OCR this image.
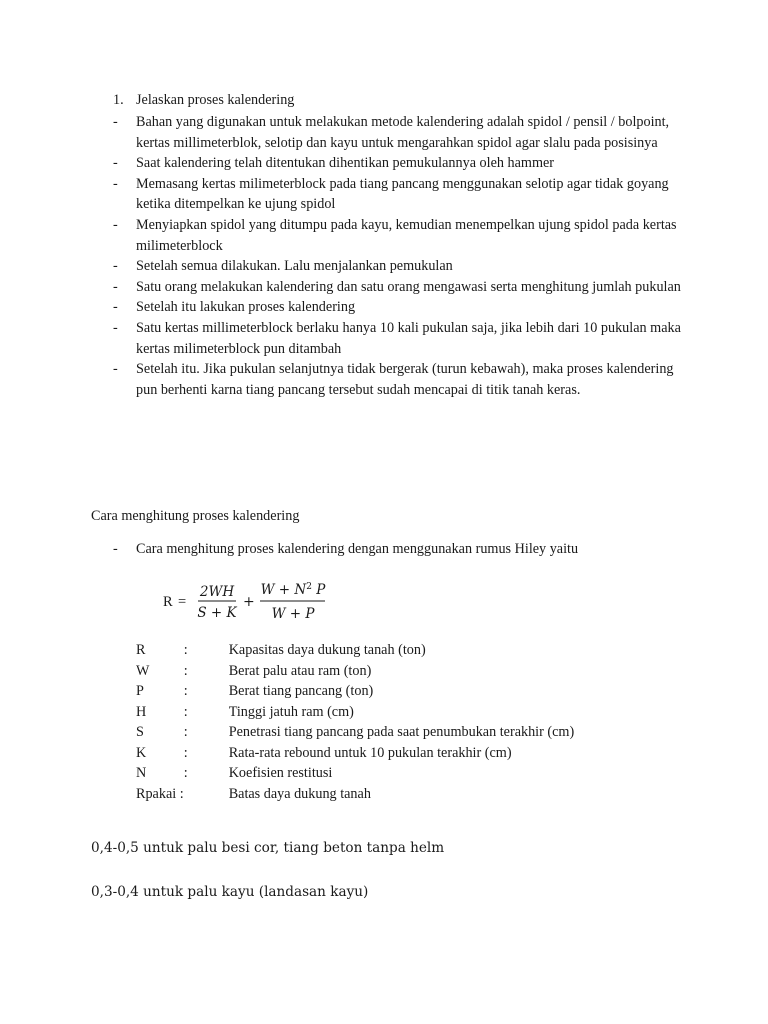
1. Jelaskan proses kalendering
- Bahan yang digunakan untuk melakukan metode kalendering adalah spidol / pensil / bolpoint, kertas millimeterblok, selotip dan kayu untuk mengarahkan spidol agar slalu pada posisinya
- Saat kalendering telah ditentukan dihentikan pemukulannya oleh hammer
- Memasang kertas milimeterblock pada tiang pancang menggunakan selotip agar tidak goyang ketika ditempelkan ke ujung spidol
- Menyiapkan spidol yang ditumpu pada kayu, kemudian menempelkan ujung spidol pada kertas milimeterblock
- Setelah semua dilakukan. Lalu menjalankan pemukulan
- Satu orang melakukan kalendering dan satu orang mengawasi serta menghitung jumlah pukulan
- Setelah itu lakukan proses kalendering
- Satu kertas millimeterblock berlaku hanya 10 kali pukulan saja, jika lebih dari 10 pukulan maka kertas milimeterblock pun ditambah
- Setelah itu. Jika pukulan selanjutnya tidak bergerak (turun kebawah), maka proses kalendering pun berhenti karna tiang pancang tersebut sudah mencapai di titik tanah keras.
Cara menghitung proses kalendering
- Cara menghitung proses kalendering dengan menggunakan rumus Hiley yaitu
R =
2WH
S + K
+
$W + N^2$ P
W + P
R	:	Kapasitas daya dukung tanah (ton)
W	:	Berat palu atau ram (ton)
P	:	Berat tiang pancang (ton)
H	:	Tinggi jatuh ram (cm)
S	:	Penetrasi tiang pancang pada saat penumbukan terakhir (cm)
K	:	Rata-rata rebound untuk 10 pukulan terakhir (cm)
N	:	Koefisien restitusi
Rpakai :		Batas daya dukung tanah
0,4-0,5 untuk palu besi cor, tiang beton tanpa helm
0,3-0,4 untuk palu kayu (landasan kayu)
